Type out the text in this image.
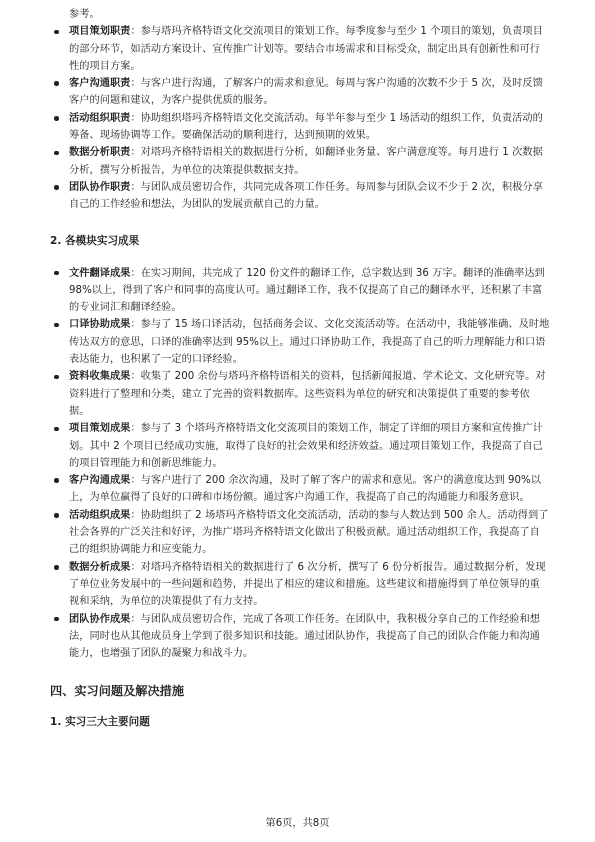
参考。
项目策划职责：参与塔玛齐格特语文化交流项目的策划工作。每季度参与至少 1 个项目的策划，负责项目的部分环节，如活动方案设计、宣传推广计划等。要结合市场需求和目标受众，制定出具有创新性和可行性的项目方案。
客户沟通职责：与客户进行沟通，了解客户的需求和意见。每周与客户沟通的次数不少于 5 次，及时反馈客户的问题和建议，为客户提供优质的服务。
活动组织职责：协助组织塔玛齐格特语文化交流活动。每半年参与至少 1 场活动的组织工作，负责活动的筹备、现场协调等工作。要确保活动的顺利进行，达到预期的效果。
数据分析职责：对塔玛齐格特语相关的数据进行分析，如翻译业务量、客户满意度等。每月进行 1 次数据分析，撰写分析报告，为单位的决策提供数据支持。
团队协作职责：与团队成员密切合作，共同完成各项工作任务。每周参与团队会议不少于 2 次，积极分享自己的工作经验和想法，为团队的发展贡献自己的力量。
2. 各模块实习成果
文件翻译成果：在实习期间，共完成了 120 份文件的翻译工作，总字数达到 36 万字。翻译的准确率达到 98%以上，得到了客户和同事的高度认可。通过翻译工作，我不仅提高了自己的翻译水平，还积累了丰富的专业词汇和翻译经验。
口译协助成果：参与了 15 场口译活动，包括商务会议、文化交流活动等。在活动中，我能够准确、及时地传达双方的意思，口译的准确率达到 95%以上。通过口译协助工作，我提高了自己的听力理解能力和口语表达能力，也积累了一定的口译经验。
资料收集成果：收集了 200 余份与塔玛齐格特语相关的资料，包括新闻报道、学术论文、文化研究等。对资料进行了整理和分类，建立了完善的资料数据库。这些资料为单位的研究和决策提供了重要的参考依据。
项目策划成果：参与了 3 个塔玛齐格特语文化交流项目的策划工作，制定了详细的项目方案和宣传推广计划。其中 2 个项目已经成功实施，取得了良好的社会效果和经济效益。通过项目策划工作，我提高了自己的项目管理能力和创新思维能力。
客户沟通成果：与客户进行了 200 余次沟通，及时了解了客户的需求和意见。客户的满意度达到 90%以上，为单位赢得了良好的口碑和市场份额。通过客户沟通工作，我提高了自己的沟通能力和服务意识。
活动组织成果：协助组织了 2 场塔玛齐格特语文化交流活动，活动的参与人数达到 500 余人。活动得到了社会各界的广泛关注和好评，为推广塔玛齐格特语文化做出了积极贡献。通过活动组织工作，我提高了自己的组织协调能力和应变能力。
数据分析成果：对塔玛齐格特语相关的数据进行了 6 次分析，撰写了 6 份分析报告。通过数据分析，发现了单位业务发展中的一些问题和趋势，并提出了相应的建议和措施。这些建议和措施得到了单位领导的重视和采纳，为单位的决策提供了有力支持。
团队协作成果：与团队成员密切合作，完成了各项工作任务。在团队中，我积极分享自己的工作经验和想法，同时也从其他成员身上学到了很多知识和技能。通过团队协作，我提高了自己的团队合作能力和沟通能力，也增强了团队的凝聚力和战斗力。
四、实习问题及解决措施
1. 实习三大主要问题
第6页，共8页
